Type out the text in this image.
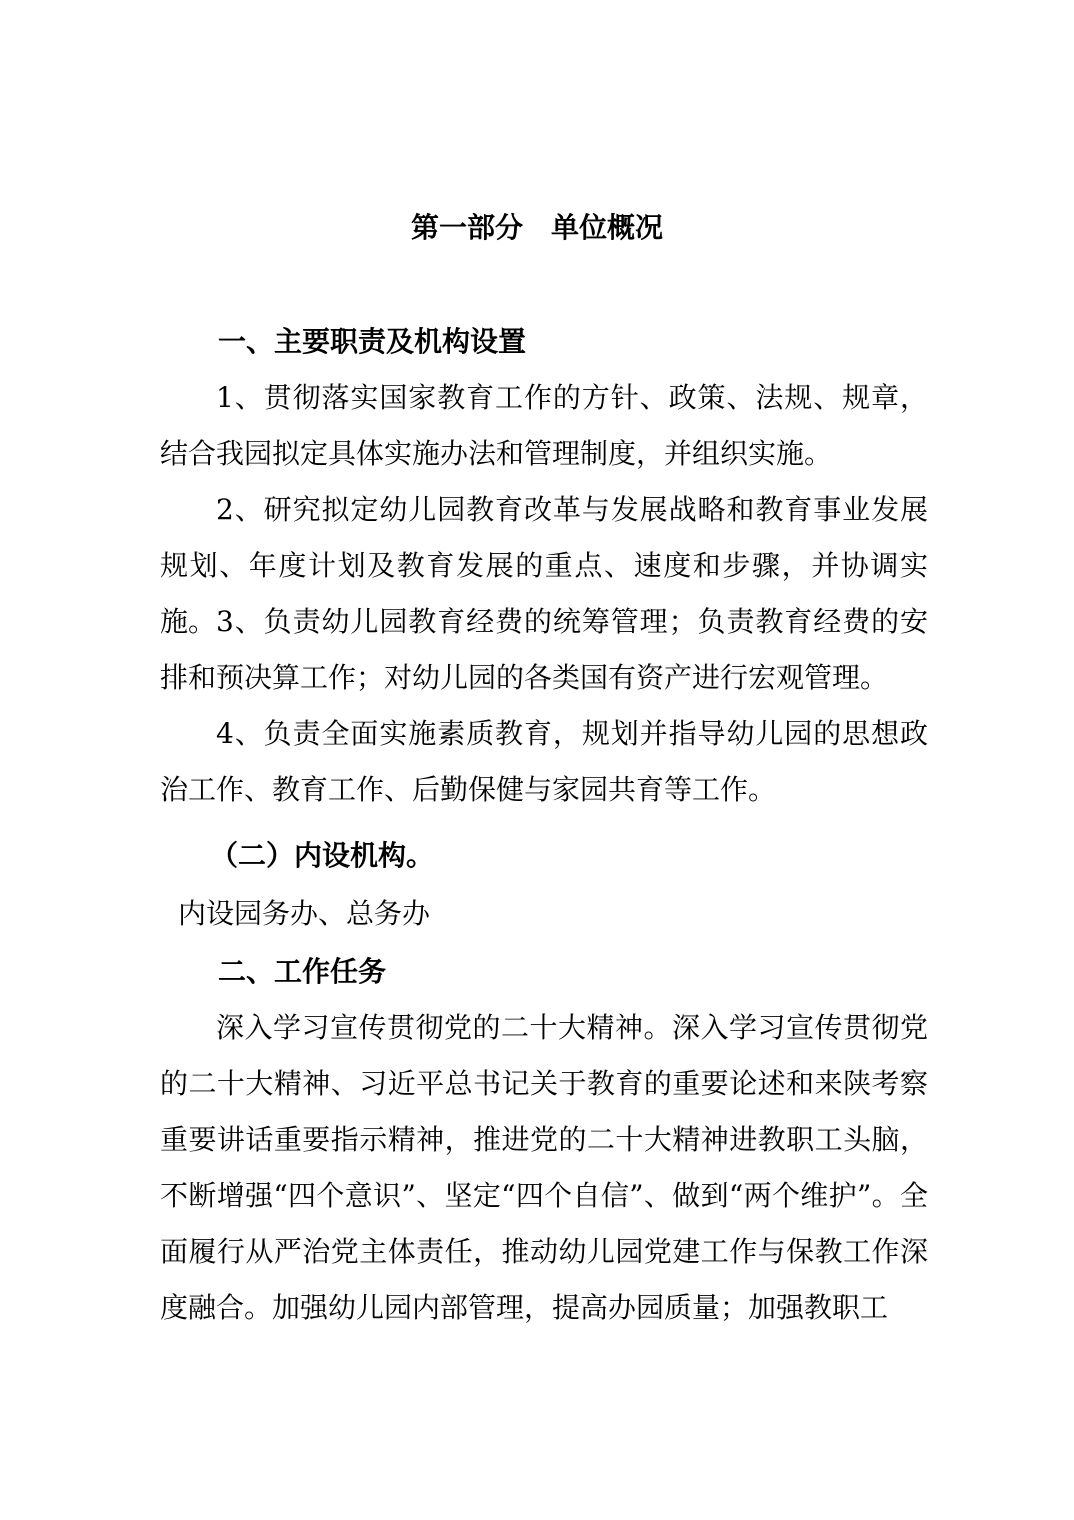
第一部分　单位概况
一、主要职责及机构设置

1、贯彻落实国家教育工作的方针、政策、法规、规章，结合我园拟定具体实施办法和管理制度，并组织实施。

2、研究拟定幼儿园教育改革与发展战略和教育事业发展规划、年度计划及教育发展的重点、速度和步骤，并协调实施。 3、负责幼儿园教育经费的统筹管理；负责教育经费的安排和预决算工作；对幼儿园的各类国有资产进行宏观管理。

4、负责全面实施素质教育，规划并指导幼儿园的思想政治工作、教育工作、后勤保健与家园共育等工作。

（二）内设机构。
内设园务办、总务办
二、工作任务

深入学习宣传贯彻党的二十大精神。深入学习宣传贯彻党的二十大精神、习近平总书记关于教育的重要论述和来陕考察重要讲话重要指示精神，推进党的二十大精神进教职工头脑，不断增强“四个意识”、坚定“四个自信”、做到“两个维护”。全面履行从严治党主体责任，推动幼儿园党建工作与保教工作深度融合。加强幼儿园内部管理，提高办园质量；加强教职工
